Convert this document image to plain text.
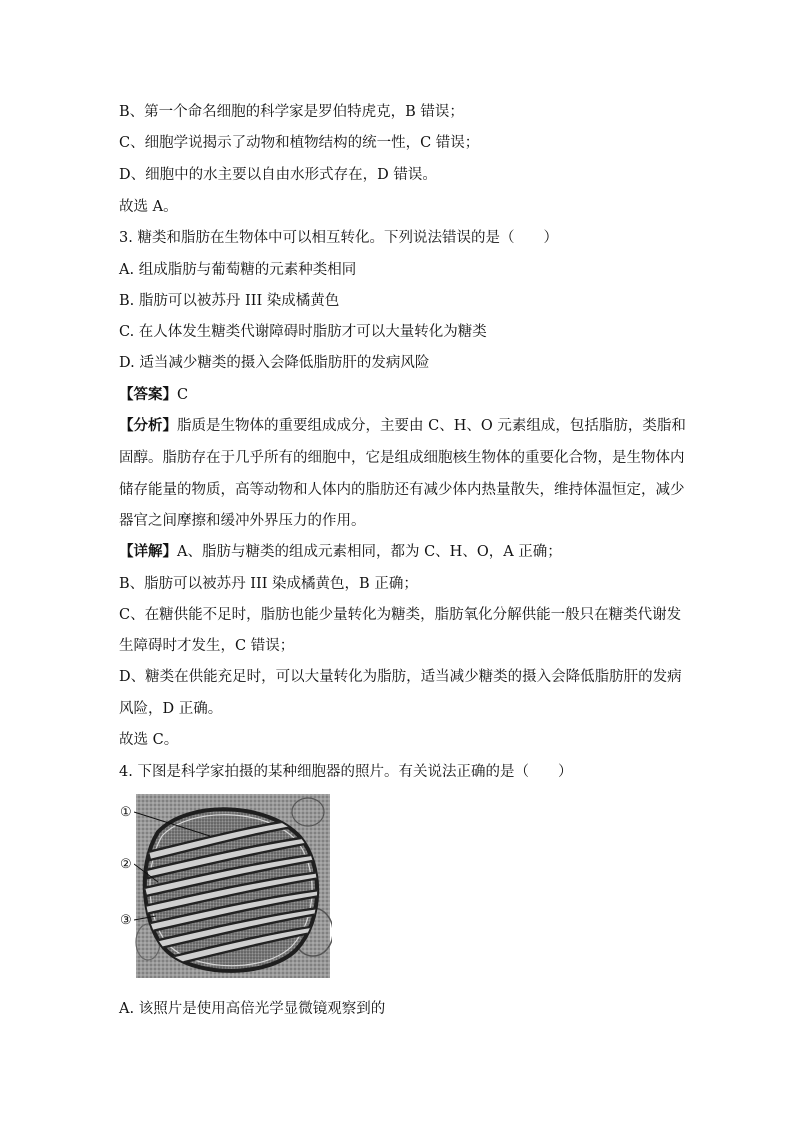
B、第一个命名细胞的科学家是罗伯特虎克，B 错误；
C、细胞学说揭示了动物和植物结构的统一性，C 错误；
D、细胞中的水主要以自由水形式存在，D 错误。
故选 A。
3. 糖类和脂肪在生物体中可以相互转化。下列说法错误的是（　　）
A. 组成脂肪与葡萄糖的元素种类相同
B. 脂肪可以被苏丹 III 染成橘黄色
C. 在人体发生糖类代谢障碍时脂肪才可以大量转化为糖类
D. 适当减少糖类的摄入会降低脂肪肝的发病风险
【答案】C
【分析】脂质是生物体的重要组成成分，主要由 C、H、O 元素组成，包括脂肪，类脂和
固醇。脂肪存在于几乎所有的细胞中，它是组成细胞核生物体的重要化合物，是生物体内
储存能量的物质，高等动物和人体内的脂肪还有减少体内热量散失，维持体温恒定，减少
器官之间摩擦和缓冲外界压力的作用。
【详解】A、脂肪与糖类的组成元素相同，都为 C、H、O，A 正确；
B、脂肪可以被苏丹 III 染成橘黄色，B 正确；
C、在糖供能不足时，脂肪也能少量转化为糖类，脂肪氧化分解供能一般只在糖类代谢发
生障碍时才发生，C 错误；
D、糖类在供能充足时，可以大量转化为脂肪，适当减少糖类的摄入会降低脂肪肝的发病
风险，D 正确。
故选 C。
4. 下图是科学家拍摄的某种细胞器的照片。有关说法正确的是（　　）
①
②
③
A. 该照片是使用高倍光学显微镜观察到的
